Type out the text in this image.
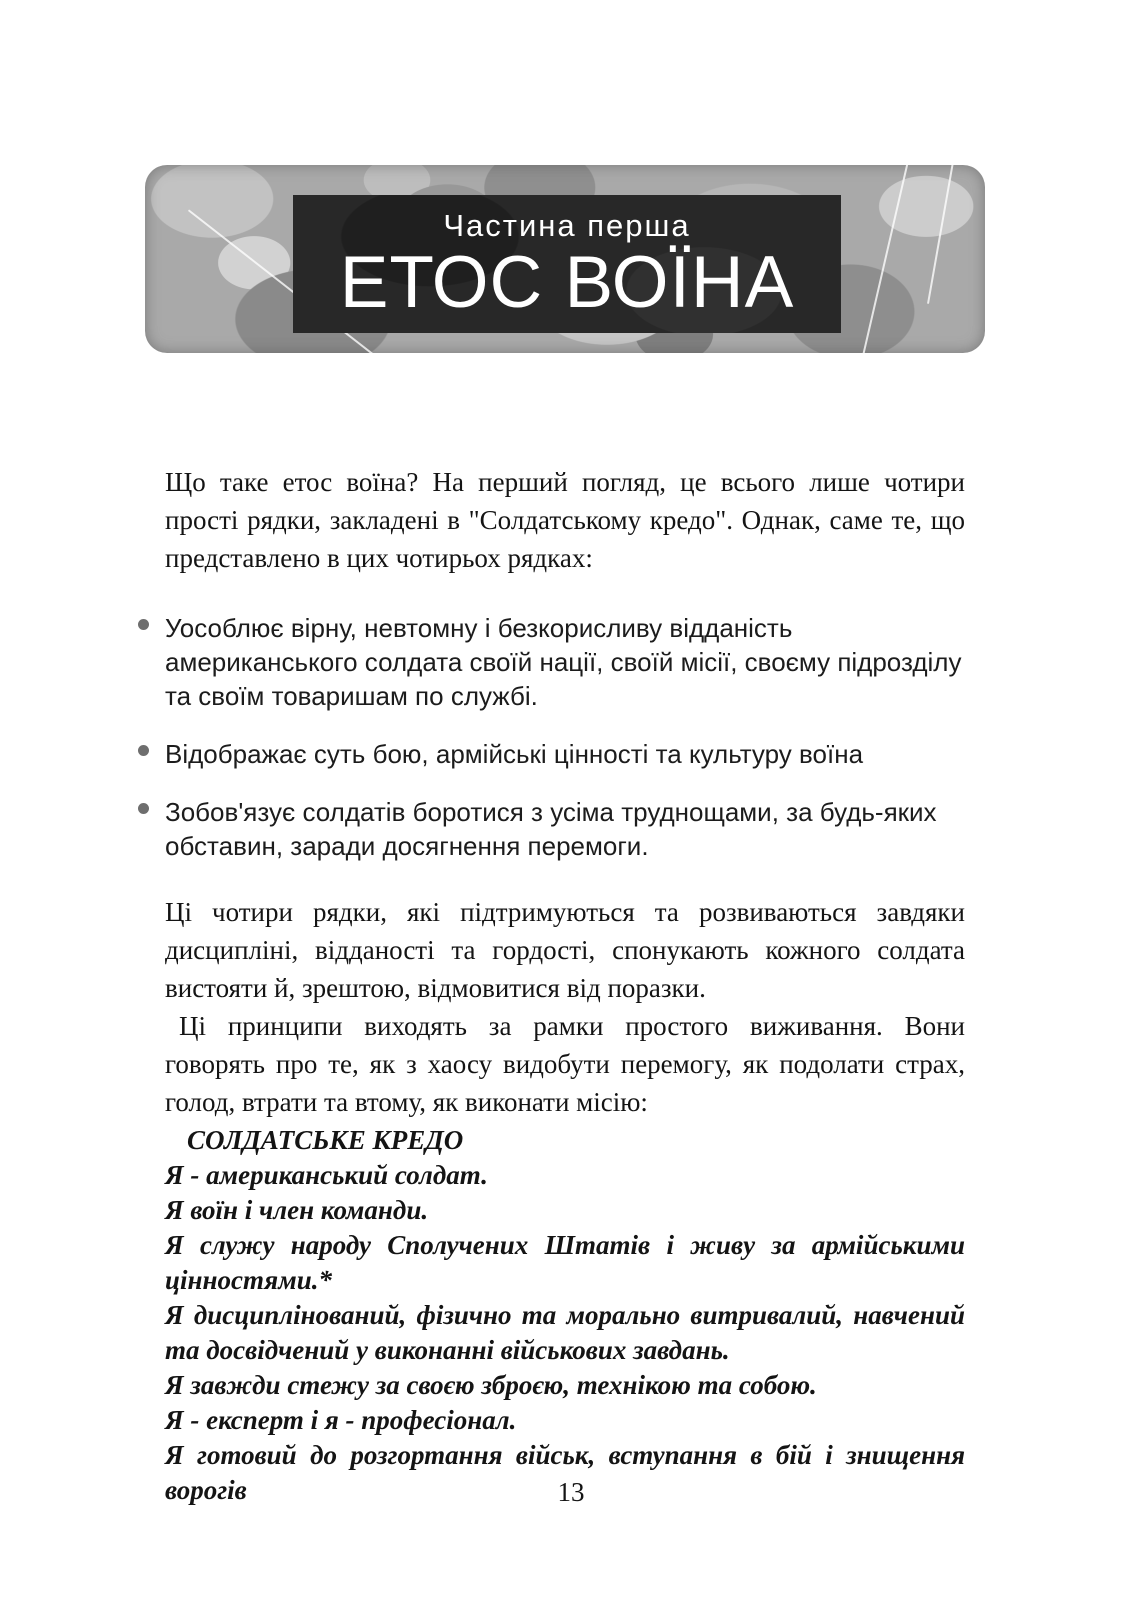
Частина перша
ЕТОС ВОЇНА

Що таке етос воїна? На перший погляд, це всього лише чотири прості рядки, закладені в "Солдатському кредо". Однак, саме те, що представлено в цих чотирьох рядках:

Уособлює вірну, невтомну і безкорисливу відданість американського солдата своїй нації, своїй місії, своєму підрозділу та своїм товаришам по службі.
Відображає суть бою, армійські цінності та культуру воїна
Зобов'язує солдатів боротися з усіма труднощами, за будь-яких обставин, заради досягнення перемоги.

Ці чотири рядки, які підтримуються та розвиваються завдяки дисципліні, відданості та гордості, спонукають кожного солдата вистояти й, зрештою, відмовитися від поразки.

Ці принципи виходять за рамки простого виживання. Вони говорять про те, як з хаосу видобути перемогу, як подолати страх, голод, втрати та втому, як виконати місію:

СОЛДАТСЬКЕ КРЕДО

Я - американський солдат.

Я воїн і член команди.

Я служу народу Сполучених Штатів і живу за армійськими цінностями.*

Я дисциплінований, фізично та морально витривалий, навчений та досвідчений у виконанні військових завдань.

Я завжди стежу за своєю зброєю, технікою та собою.

Я - експерт і я - професіонал.

Я готовий до розгортання військ, вступання в бій і знищення ворогів	13
